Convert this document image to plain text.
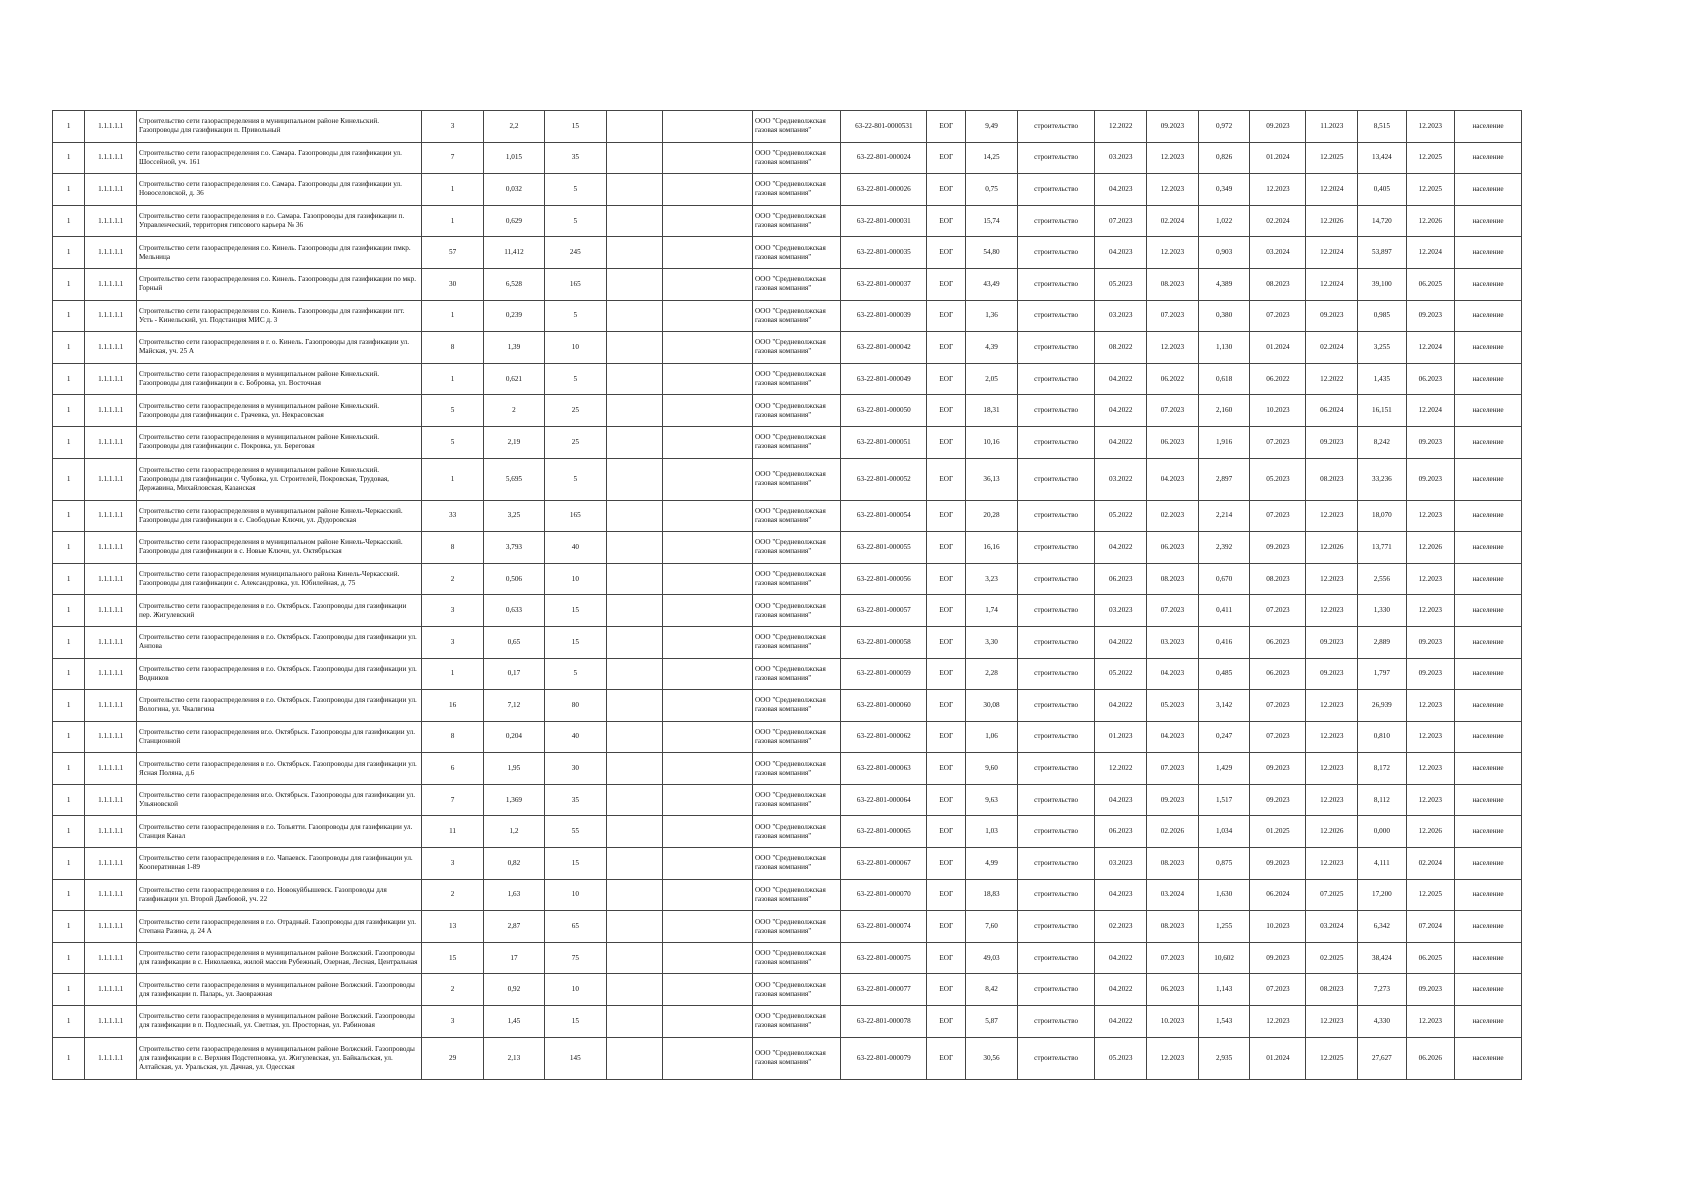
1	1.1.1.1.1	Строительство сети газораспределения в муниципальном районе Кинельский. Газопроводы для газификации п. Привольный	3	2,2	15			ООО "Средневолжская газовая компания"	63-22-801-0000531	ЕОГ	9,49	строительство	12.2022	09.2023	0,972	09.2023	11.2023	8,515	12.2023	население
1	1.1.1.1.1	Строительство сети газораспределения г.о. Самара. Газопроводы для газификации ул. Шоссейной, уч. 161	7	1,015	35			ООО "Средневолжская газовая компания"	63-22-801-000024	ЕОГ	14,25	строительство	03.2023	12.2023	0,826	01.2024	12.2025	13,424	12.2025	население
1	1.1.1.1.1	Строительство сети газораспределения г.о. Самара. Газопроводы для газификации ул. Новоселовской, д. 36	1	0,032	5			ООО "Средневолжская газовая компания"	63-22-801-000026	ЕОГ	0,75	строительство	04.2023	12.2023	0,349	12.2023	12.2024	0,405	12.2025	население
1	1.1.1.1.1	Строительство сети газораспределения в г.о. Самара. Газопроводы для газификации п. Управленческий, территория гипсового карьера № 36	1	0,629	5			ООО "Средневолжская газовая компания"	63-22-801-000031	ЕОГ	15,74	строительство	07.2023	02.2024	1,022	02.2024	12.2026	14,720	12.2026	население
1	1.1.1.1.1	Строительство сети газораспределения г.о. Кинель. Газопроводы для газификации пмкр. Мельница	57	11,412	245			ООО "Средневолжская газовая компания"	63-22-801-000035	ЕОГ	54,80	строительство	04.2023	12.2023	0,903	03.2024	12.2024	53,897	12.2024	население
1	1.1.1.1.1	Строительство сети газораспределения г.о. Кинель. Газопроводы для газификации по мкр. Горный	30	6,528	165			ООО "Средневолжская газовая компания"	63-22-801-000037	ЕОГ	43,49	строительство	05.2023	08.2023	4,389	08.2023	12.2024	39,100	06.2025	население
1	1.1.1.1.1	Строительство сети газораспределения г.о. Кинель. Газопроводы для газификации пгт. Усть - Кинельский, ул. Подстанция МИС д. 3	1	0,239	5			ООО "Средневолжская газовая компания"	63-22-801-000039	ЕОГ	1,36	строительство	03.2023	07.2023	0,380	07.2023	09.2023	0,985	09.2023	население
1	1.1.1.1.1	Строительство сети газораспределения в г. о. Кинель. Газопроводы для газификации ул. Майская, уч. 25 А	8	1,39	10			ООО "Средневолжская газовая компания"	63-22-801-000042	ЕОГ	4,39	строительство	08.2022	12.2023	1,130	01.2024	02.2024	3,255	12.2024	население
1	1.1.1.1.1	Строительство сети газораспределения в муниципальном районе Кинельский. Газопроводы для газификации в с. Бобровка, ул. Восточная	1	0,621	5			ООО "Средневолжская газовая компания"	63-22-801-000049	ЕОГ	2,05	строительство	04.2022	06.2022	0,618	06.2022	12.2022	1,435	06.2023	население
1	1.1.1.1.1	Строительство сети газораспределения в муниципальном районе Кинельский. Газопроводы для газификации с. Грачевка, ул. Некрасовская	5	2	25			ООО "Средневолжская газовая компания"	63-22-801-000050	ЕОГ	18,31	строительство	04.2022	07.2023	2,160	10.2023	06.2024	16,151	12.2024	население
1	1.1.1.1.1	Строительство сети газораспределения в муниципальном районе Кинельский. Газопроводы для газификации с. Покровка, ул. Береговая	5	2,19	25			ООО "Средневолжская газовая компания"	63-22-801-000051	ЕОГ	10,16	строительство	04.2022	06.2023	1,916	07.2023	09.2023	8,242	09.2023	население
1	1.1.1.1.1	Строительство сети газораспределения в муниципальном районе Кинельский. Газопроводы для газификации с. Чубовка, ул. Строителей, Покровская, Трудовая, Державина, Михайловская, Казанская	1	5,695	5			ООО "Средневолжская газовая компания"	63-22-801-000052	ЕОГ	36,13	строительство	03.2022	04.2023	2,897	05.2023	08.2023	33,236	09.2023	население
1	1.1.1.1.1	Строительство сети газораспределения в муниципальном районе Кинель-Черкасский. Газопроводы для газификации в с. Свободные Ключи, ул. Дудоровская	33	3,25	165			ООО "Средневолжская газовая компания"	63-22-801-000054	ЕОГ	20,28	строительство	05.2022	02.2023	2,214	07.2023	12.2023	18,070	12.2023	население
1	1.1.1.1.1	Строительство сети газораспределения в муниципальном районе Кинель-Черкасский. Газопроводы для газификации в с. Новые Ключи, ул. Октябрьская	8	3,793	40			ООО "Средневолжская газовая компания"	63-22-801-000055	ЕОГ	16,16	строительство	04.2022	06.2023	2,392	09.2023	12.2026	13,771	12.2026	население
1	1.1.1.1.1	Строительство сети газораспределения муниципального района Кинель-Черкасский. Газопроводы для газификации с. Александровка, ул. Юбилейная, д. 75	2	0,506	10			ООО "Средневолжская газовая компания"	63-22-801-000056	ЕОГ	3,23	строительство	06.2023	08.2023	0,670	08.2023	12.2023	2,556	12.2023	население
1	1.1.1.1.1	Строительство сети газораспределения в г.о. Октябрьск. Газопроводы для газификации пер. Жигулевский	3	0,633	15			ООО "Средневолжская газовая компания"	63-22-801-000057	ЕОГ	1,74	строительство	03.2023	07.2023	0,411	07.2023	12.2023	1,330	12.2023	население
1	1.1.1.1.1	Строительство сети газораспределения в г.о. Октябрьск. Газопроводы для газификации ул. Анпова	3	0,65	15			ООО "Средневолжская газовая компания"	63-22-801-000058	ЕОГ	3,30	строительство	04.2022	03.2023	0,416	06.2023	09.2023	2,889	09.2023	население
1	1.1.1.1.1	Строительство сети газораспределения в г.о. Октябрьск. Газопроводы для газификации ул. Водников	1	0,17	5			ООО "Средневолжская газовая компания"	63-22-801-000059	ЕОГ	2,28	строительство	05.2022	04.2023	0,485	06.2023	09.2023	1,797	09.2023	население
1	1.1.1.1.1	Строительство сети газораспределения в г.о. Октябрьск. Газопроводы для газификации ул. Вологина, ул. Чкалвгина	16	7,12	80			ООО "Средневолжская газовая компания"	63-22-801-000060	ЕОГ	30,08	строительство	04.2022	05.2023	3,142	07.2023	12.2023	26,939	12.2023	население
1	1.1.1.1.1	Строительство сети газораспределения вг.о. Октябрьск. Газопроводы для газификации ул. Станционной	8	0,204	40			ООО "Средневолжская газовая компания"	63-22-801-000062	ЕОГ	1,06	строительство	01.2023	04.2023	0,247	07.2023	12.2023	0,810	12.2023	население
1	1.1.1.1.1	Строительство сети газораспределения в г.о. Октябрьск. Газопроводы для газификации ул. Ясная Поляна, д.6	6	1,95	30			ООО "Средневолжская газовая компания"	63-22-801-000063	ЕОГ	9,60	строительство	12.2022	07.2023	1,429	09.2023	12.2023	8,172	12.2023	население
1	1.1.1.1.1	Строительство сети газораспределения вг.о. Октябрьск. Газопроводы для газификации ул. Ульяновской	7	1,369	35			ООО "Средневолжская газовая компания"	63-22-801-000064	ЕОГ	9,63	строительство	04.2023	09.2023	1,517	09.2023	12.2023	8,112	12.2023	население
1	1.1.1.1.1	Строительство сети газораспределения в г.о. Тольятти. Газопроводы для газификации ул. Станция Канал	11	1,2	55			ООО "Средневолжская газовая компания"	63-22-801-000065	ЕОГ	1,03	строительство	06.2023	02.2026	1,034	01.2025	12.2026	0,000	12.2026	население
1	1.1.1.1.1	Строительство сети газораспределения в г.о. Чапаевск. Газопроводы для газификации ул. Кооперативная 1-89	3	0,82	15			ООО "Средневолжская газовая компания"	63-22-801-000067	ЕОГ	4,99	строительство	03.2023	08.2023	0,875	09.2023	12.2023	4,111	02.2024	население
1	1.1.1.1.1	Строительство сети газораспределения в г.о. Новокуйбышевск. Газопроводы для газификации ул. Второй Дамбовой, уч. 22	2	1,63	10			ООО "Средневолжская газовая компания"	63-22-801-000070	ЕОГ	18,83	строительство	04.2023	03.2024	1,630	06.2024	07.2025	17,200	12.2025	население
1	1.1.1.1.1	Строительство сети газораспределения в г.о. Отрадный. Газопроводы для газификации ул. Степана Разина, д. 24 А	13	2,87	65			ООО "Средневолжская газовая компания"	63-22-801-000074	ЕОГ	7,60	строительство	02.2023	08.2023	1,255	10.2023	03.2024	6,342	07.2024	население
1	1.1.1.1.1	Строительство сети газораспределения в муниципальном районе Волжский. Газопроводы для газификации в с. Николаевка, жилой массив Рубежный, Озерная, Лесная, Центральная	15	17	75			ООО "Средневолжская газовая компания"	63-22-801-000075	ЕОГ	49,03	строительство	04.2022	07.2023	10,602	09.2023	02.2025	38,424	06.2025	население
1	1.1.1.1.1	Строительство сети газораспределения в муниципальном районе Волжский. Газопроводы для газификации п. Паларь, ул. Заовражная	2	0,92	10			ООО "Средневолжская газовая компания"	63-22-801-000077	ЕОГ	8,42	строительство	04.2022	06.2023	1,143	07.2023	08.2023	7,273	09.2023	население
1	1.1.1.1.1	Строительство сети газораспределения в муниципальном районе Волжский. Газопроводы для газификации в п. Подлесный, ул. Светлая, ул. Просторная, ул. Рабиновая	3	1,45	15			ООО "Средневолжская газовая компания"	63-22-801-000078	ЕОГ	5,87	строительство	04.2022	10.2023	1,543	12.2023	12.2023	4,330	12.2023	население
1	1.1.1.1.1	Строительство сети газораспределения в муниципальном районе Волжский. Газопроводы для газификации в с. Верхняя Подстепновка, ул. Жигулевская, ул. Байкальская, ул. Алтайская, ул. Уральская, ул. Дачная, ул. Одесская	29	2,13	145			ООО "Средневолжская газовая компания"	63-22-801-000079	ЕОГ	30,56	строительство	05.2023	12.2023	2,935	01.2024	12.2025	27,627	06.2026	население
